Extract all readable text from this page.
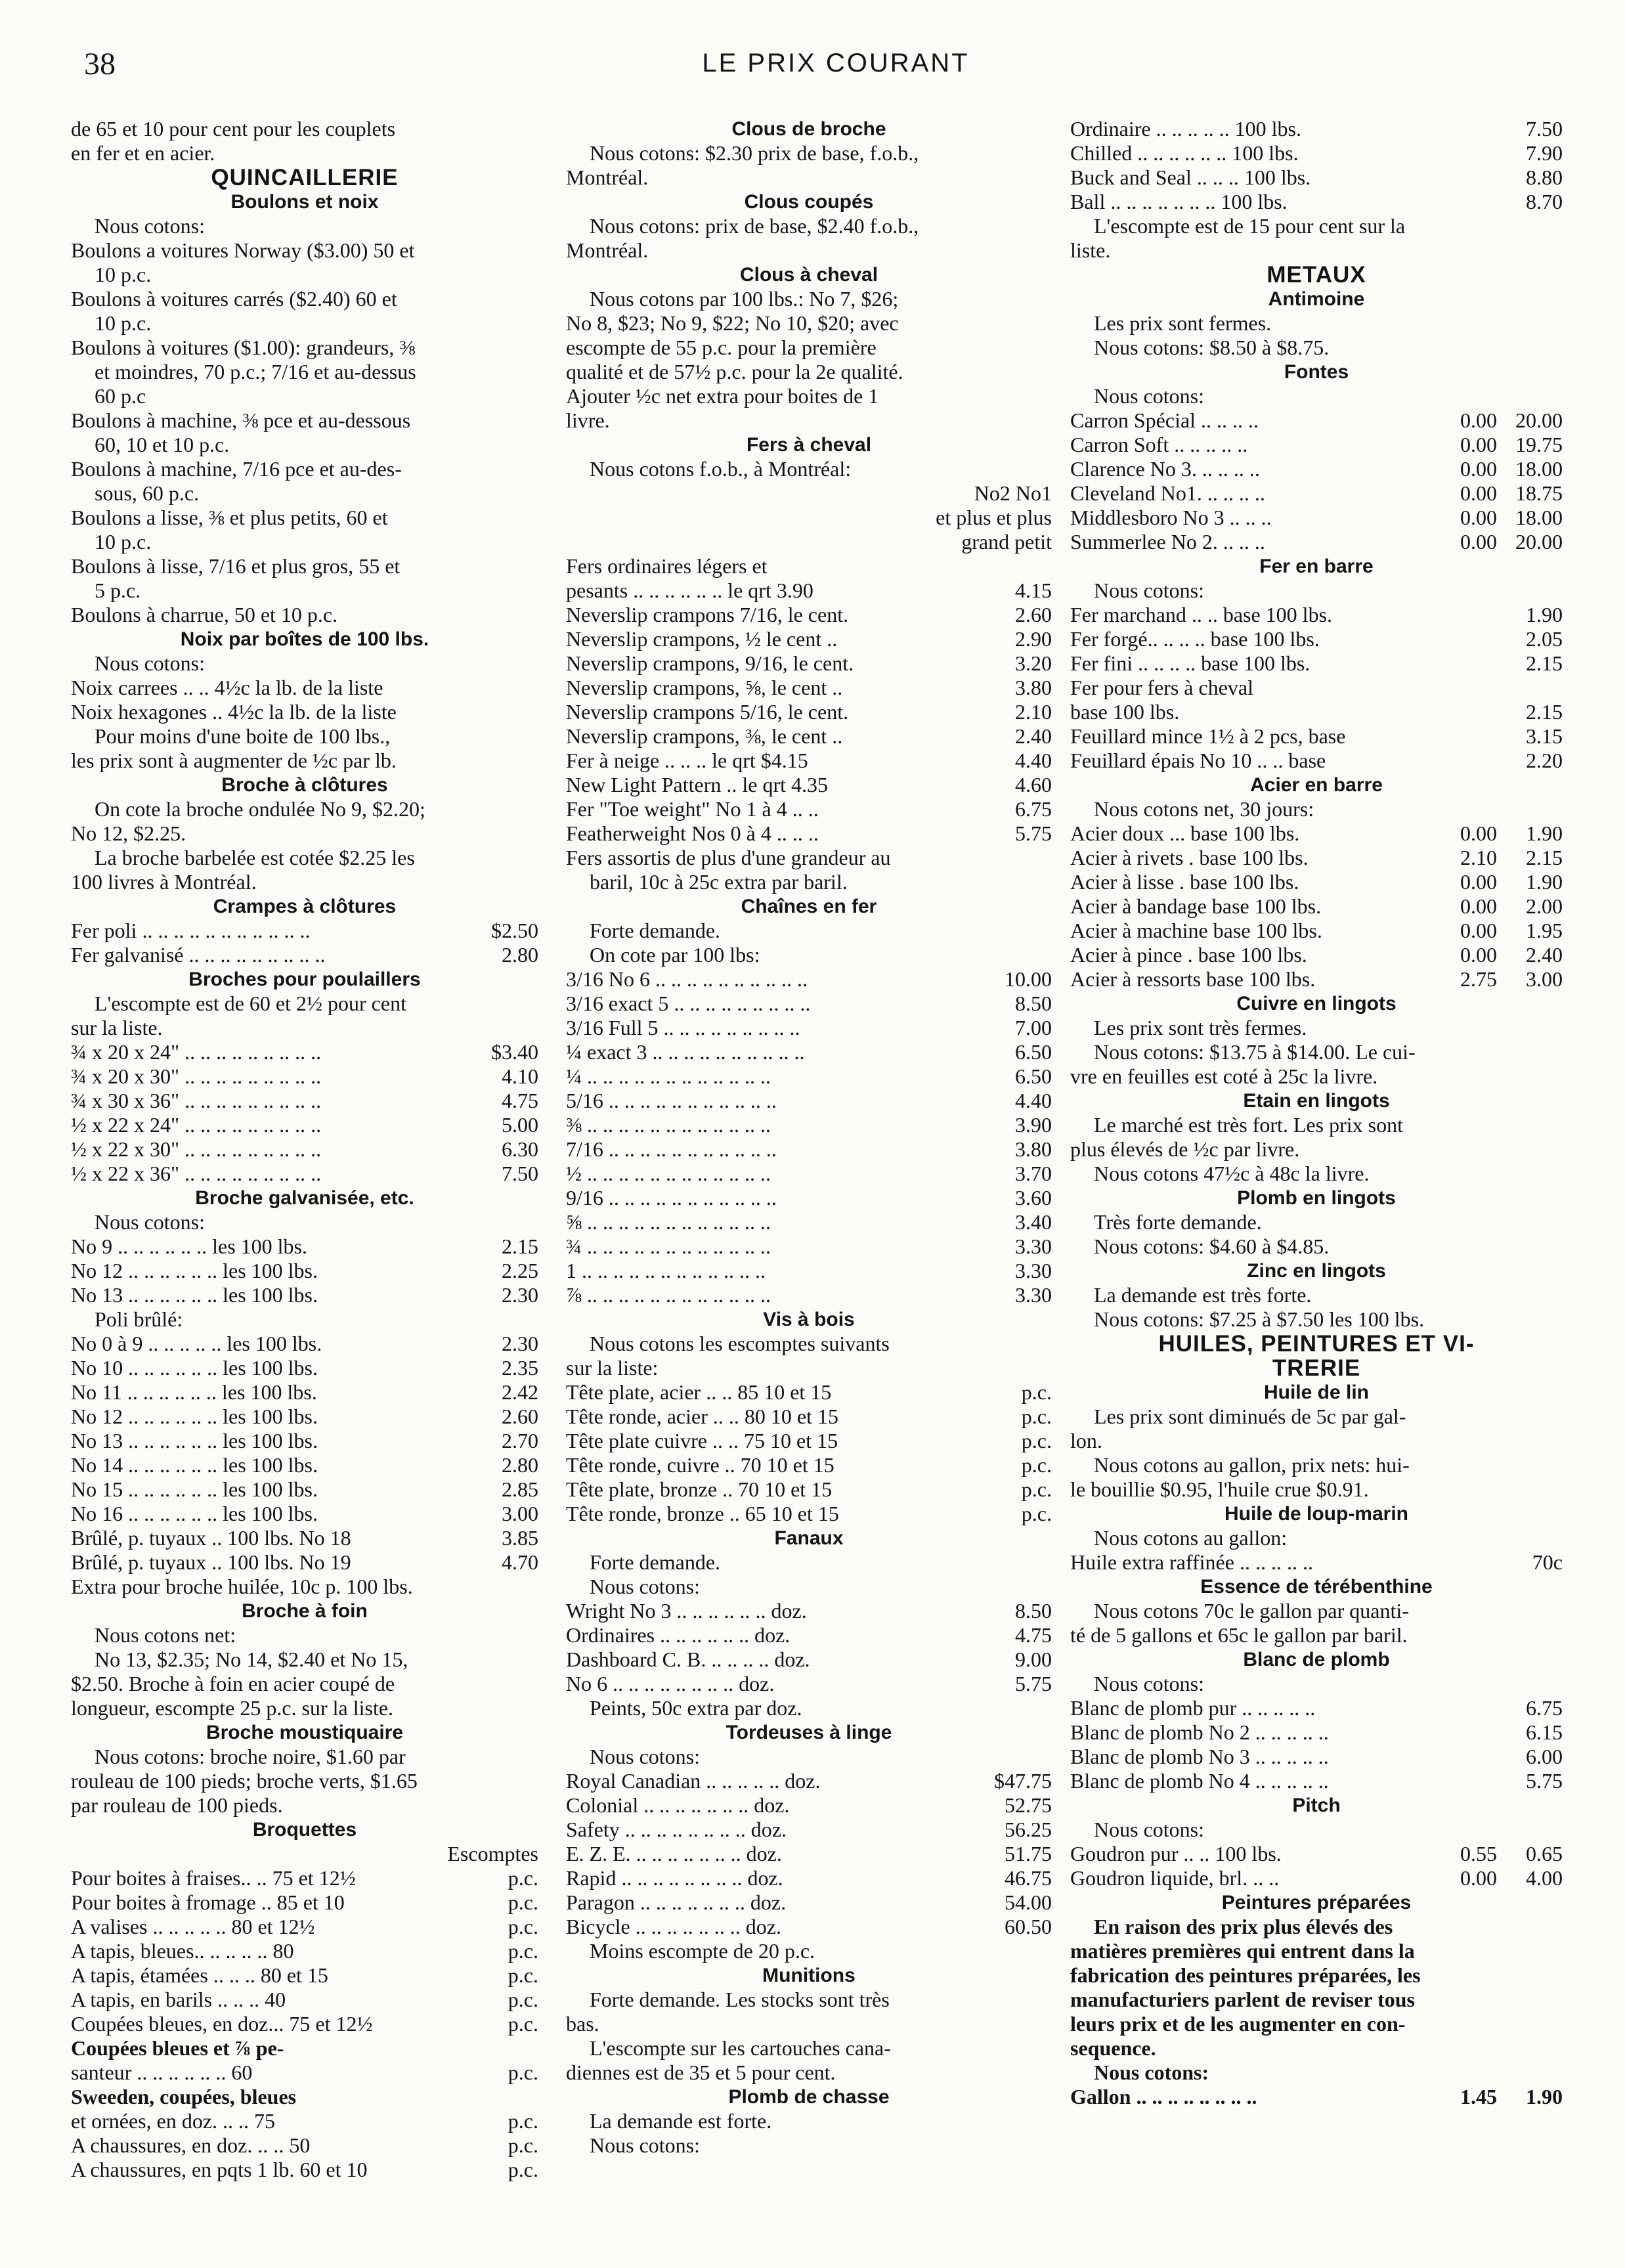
38	LE PRIX COURANT
de 65 et 10 pour cent pour les couplets
en fer et en acier.
QUINCAILLERIE
Boulons et noix
Nous cotons:
Boulons a voitures Norway ($3.00) 50 et
10 p.c.
Boulons à voitures carrés ($2.40) 60 et
10 p.c.
Boulons à voitures ($1.00): grandeurs, ⅜
et moindres, 70 p.c.; 7/16 et au-dessus
60 p.c
Boulons à machine, ⅜ pce et au-dessous
60, 10 et 10 p.c.
Boulons à machine, 7/16 pce et au-des-
sous, 60 p.c.
Boulons a lisse, ⅜ et plus petits, 60 et
10 p.c.
Boulons à lisse, 7/16 et plus gros, 55 et
5 p.c.
Boulons à charrue, 50 et 10 p.c.
Noix par boîtes de 100 lbs.
Nous cotons:
Noix carrees .. .. 4½c la lb. de la liste
Noix hexagones .. 4½c la lb. de la liste
Pour moins d'une boite de 100 lbs.,
les prix sont à augmenter de ½c par lb.
Broche à clôtures
On cote la broche ondulée No 9, $2.20;
No 12, $2.25.
La broche barbelée est cotée $2.25 les
100 livres à Montréal.
Crampes à clôtures
Fer poli .. .. .. .. .. .. .. .. .. .. ..	$2.50
Fer galvanisé .. .. .. .. .. .. .. .. ..	2.80
Broches pour poulaillers
L'escompte est de 60 et 2½ pour cent
sur la liste.
¾ x 20 x 24" .. .. .. .. .. .. .. .. ..	$3.40
¾ x 20 x 30" .. .. .. .. .. .. .. .. ..	4.10
¾ x 30 x 36" .. .. .. .. .. .. .. .. ..	4.75
½ x 22 x 24" .. .. .. .. .. .. .. .. ..	5.00
½ x 22 x 30" .. .. .. .. .. .. .. .. ..	6.30
½ x 22 x 36" .. .. .. .. .. .. .. .. ..	7.50
Broche galvanisée, etc.
Nous cotons:
No 9 .. .. .. .. .. .. les 100 lbs.	2.15
No 12 .. .. .. .. .. .. les 100 lbs.	2.25
No 13 .. .. .. .. .. .. les 100 lbs.	2.30
Poli brûlé:
No 0 à 9 .. .. .. .. .. les 100 lbs.	2.30
No 10 .. .. .. .. .. .. les 100 lbs.	2.35
No 11 .. .. .. .. .. .. les 100 lbs.	2.42
No 12 .. .. .. .. .. .. les 100 lbs.	2.60
No 13 .. .. .. .. .. .. les 100 lbs.	2.70
No 14 .. .. .. .. .. .. les 100 lbs.	2.80
No 15 .. .. .. .. .. .. les 100 lbs.	2.85
No 16 .. .. .. .. .. .. les 100 lbs.	3.00
Brûlé, p. tuyaux .. 100 lbs. No 18	3.85
Brûlé, p. tuyaux .. 100 lbs. No 19	4.70
Extra pour broche huilée, 10c p. 100 lbs.
Broche à foin
Nous cotons net:
No 13, $2.35; No 14, $2.40 et No 15,
$2.50. Broche à foin en acier coupé de
longueur, escompte 25 p.c. sur la liste.
Broche moustiquaire
Nous cotons: broche noire, $1.60 par
rouleau de 100 pieds; broche verts, $1.65
par rouleau de 100 pieds.
Broquettes
Escomptes
Pour boites à fraises.. .. 75 et 12½	p.c.
Pour boites à fromage .. 85 et 10	p.c.
A valises .. .. .. .. .. 80 et 12½	p.c.
A tapis, bleues.. .. .. .. .. 80	p.c.
A tapis, étamées .. .. .. 80 et 15	p.c.
A tapis, en barils .. .. .. 40	p.c.
Coupées bleues, en doz... 75 et 12½	p.c.
Coupées bleues et ⅞ pe-
santeur .. .. .. .. .. .. 60	p.c.
Sweeden, coupées, bleues
et ornées, en doz. .. .. 75	p.c.
A chaussures, en doz. .. .. 50	p.c.
A chaussures, en pqts 1 lb. 60 et 10	p.c.
Clous de broche
Nous cotons: $2.30 prix de base, f.o.b.,
Montréal.
Clous coupés
Nous cotons: prix de base, $2.40 f.o.b.,
Montréal.
Clous à cheval
Nous cotons par 100 lbs.: No 7, $26;
No 8, $23; No 9, $22; No 10, $20; avec
escompte de 55 p.c. pour la première
qualité et de 57½ p.c. pour la 2e qualité.
Ajouter ½c net extra pour boites de 1
livre.
Fers à cheval
Nous cotons f.o.b., à Montréal:
No2 No1
et plus et plus
grand petit
Fers ordinaires légers et
pesants .. .. .. .. .. .. le qrt 3.90	4.15
Neverslip crampons 7/16, le cent.	2.60
Neverslip crampons, ½ le cent ..	2.90
Neverslip crampons, 9/16, le cent.	3.20
Neverslip crampons, ⅝, le cent ..	3.80
Neverslip crampons 5/16, le cent.	2.10
Neverslip crampons, ⅜, le cent ..	2.40
Fer à neige .. .. .. le qrt $4.15	4.40
New Light Pattern .. le qrt 4.35	4.60
Fer "Toe weight" No 1 à 4 .. ..	6.75
Featherweight Nos 0 à 4 .. .. ..	5.75
Fers assortis de plus d'une grandeur au
baril, 10c à 25c extra par baril.
Chaînes en fer
Forte demande.
On cote par 100 lbs:
3/16 No 6 .. .. .. .. .. .. .. .. .. ..	10.00
3/16 exact 5 .. .. .. .. .. .. .. .. ..	8.50
3/16 Full 5 .. .. .. .. .. .. .. .. ..	7.00
¼ exact 3 .. .. .. .. .. .. .. .. .. ..	6.50
¼ .. .. .. .. .. .. .. .. .. .. .. ..	6.50
5/16 .. .. .. .. .. .. .. .. .. .. ..	4.40
⅜ .. .. .. .. .. .. .. .. .. .. .. ..	3.90
7/16 .. .. .. .. .. .. .. .. .. .. ..	3.80
½ .. .. .. .. .. .. .. .. .. .. .. ..	3.70
9/16 .. .. .. .. .. .. .. .. .. .. ..	3.60
⅝ .. .. .. .. .. .. .. .. .. .. .. ..	3.40
¾ .. .. .. .. .. .. .. .. .. .. .. ..	3.30
1 .. .. .. .. .. .. .. .. .. .. .. ..	3.30
⅞ .. .. .. .. .. .. .. .. .. .. .. ..	3.30
Vis à bois
Nous cotons les escomptes suivants
sur la liste:
Tête plate, acier .. .. 85 10 et 15	p.c.
Tête ronde, acier .. .. 80 10 et 15	p.c.
Tête plate cuivre .. .. 75 10 et 15	p.c.
Tête ronde, cuivre .. 70 10 et 15	p.c.
Tête plate, bronze .. 70 10 et 15	p.c.
Tête ronde, bronze .. 65 10 et 15	p.c.
Fanaux
Forte demande.
Nous cotons:
Wright No 3 .. .. .. .. .. .. doz.	8.50
Ordinaires .. .. .. .. .. .. doz.	4.75
Dashboard C. B. .. .. .. .. doz.	9.00
No 6 .. .. .. .. .. .. .. .. doz.	5.75
Peints, 50c extra par doz.
Tordeuses à linge
Nous cotons:
Royal Canadian .. .. .. .. .. doz.	$47.75
Colonial .. .. .. .. .. .. .. doz.	52.75
Safety .. .. .. .. .. .. .. .. doz.	56.25
E. Z. E. .. .. .. .. .. .. .. doz.	51.75
Rapid .. .. .. .. .. .. .. .. doz.	46.75
Paragon .. .. .. .. .. .. .. doz.	54.00
Bicycle .. .. .. .. .. .. .. doz.	60.50
Moins escompte de 20 p.c.
Munitions
Forte demande. Les stocks sont très
bas.
L'escompte sur les cartouches cana-
diennes est de 35 et 5 pour cent.
Plomb de chasse
La demande est forte.
Nous cotons:
Ordinaire .. .. .. .. .. 100 lbs.	7.50
Chilled .. .. .. .. .. .. 100 lbs.	7.90
Buck and Seal .. .. .. 100 lbs.	8.80
Ball .. .. .. .. .. .. .. 100 lbs.	8.70
L'escompte est de 15 pour cent sur la
liste.
METAUX
Antimoine
Les prix sont fermes.
Nous cotons: $8.50 à $8.75.
Fontes
Nous cotons:
Carron Spécial .. .. .. ..	0.00 20.00
Carron Soft .. .. .. .. ..	0.00 19.75
Clarence No 3. .. .. .. ..	0.00 18.00
Cleveland No1. .. .. .. ..	0.00 18.75
Middlesboro No 3 .. .. ..	0.00 18.00
Summerlee No 2. .. .. ..	0.00 20.00
Fer en barre
Nous cotons:
Fer marchand .. .. base 100 lbs.	1.90
Fer forgé.. .. .. .. base 100 lbs.	2.05
Fer fini .. .. .. .. base 100 lbs.	2.15
Fer pour fers à cheval
base 100 lbs.	2.15
Feuillard mince 1½ à 2 pcs, base	3.15
Feuillard épais No 10 .. .. base	2.20
Acier en barre
Nous cotons net, 30 jours:
Acier doux ... base 100 lbs.	0.00	1.90
Acier à rivets . base 100 lbs.	2.10	2.15
Acier à lisse . base 100 lbs.	0.00	1.90
Acier à bandage base 100 lbs.	0.00	2.00
Acier à machine base 100 lbs.	0.00	1.95
Acier à pince . base 100 lbs.	0.00	2.40
Acier à ressorts base 100 lbs.	2.75	3.00
Cuivre en lingots
Les prix sont très fermes.
Nous cotons: $13.75 à $14.00. Le cui-
vre en feuilles est coté à 25c la livre.
Etain en lingots
Le marché est très fort. Les prix sont
plus élevés de ½c par livre.
Nous cotons 47½c à 48c la livre.
Plomb en lingots
Très forte demande.
Nous cotons: $4.60 à $4.85.
Zinc en lingots
La demande est très forte.
Nous cotons: $7.25 à $7.50 les 100 lbs.
HUILES, PEINTURES ET VI-
TRERIE
Huile de lin
Les prix sont diminués de 5c par gal-
lon.
Nous cotons au gallon, prix nets: hui-
le bouillie $0.95, l'huile crue $0.91.
Huile de loup-marin
Nous cotons au gallon:
Huile extra raffinée .. .. .. .. ..	70c
Essence de térébenthine
Nous cotons 70c le gallon par quanti-
té de 5 gallons et 65c le gallon par baril.
Blanc de plomb
Nous cotons:
Blanc de plomb pur .. .. .. .. ..	6.75
Blanc de plomb No 2 .. .. .. .. ..	6.15
Blanc de plomb No 3 .. .. .. .. ..	6.00
Blanc de plomb No 4 .. .. .. .. ..	5.75
Pitch
Nous cotons:
Goudron pur .. .. 100 lbs.	0.55	0.65
Goudron liquide, brl. .. ..	0.00	4.00
Peintures préparées
En raison des prix plus élevés des
matières premières qui entrent dans la
fabrication des peintures préparées, les
manufacturiers parlent de reviser tous
leurs prix et de les augmenter en con-
sequence.
Nous cotons:
Gallon .. .. .. .. .. .. .. ..	1.45	1.90
